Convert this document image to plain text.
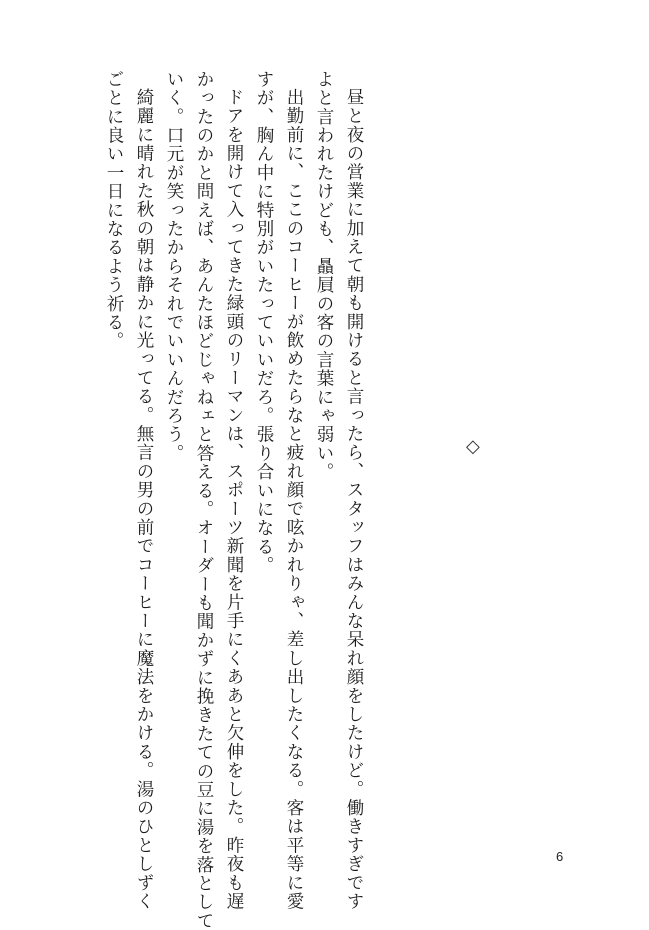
昼と夜の営業に加えて朝も開けると言ったら、スタッフはみんな呆れ顔をしたけど。働きすぎです

よと言われたけども、贔屓の客の言葉にゃ弱い。

出勤前に、ここのコーヒーが飲めたらなと疲れ顔で呟かれりゃ、差し出したくなる。客は平等に愛

すが、胸ん中に特別がいたっていいだろ。張り合いになる。

ドアを開けて入ってきた緑頭のリーマンは、スポーツ新聞を片手にくああと欠伸をした。昨夜も遅

かったのかと問えば、あんたほどじゃねェと答える。オーダーも聞かずに挽きたての豆に湯を落として

いく。口元が笑ったからそれでいいんだろう。

綺麗に晴れた秋の朝は静かに光ってる。無言の男の前でコーヒーに魔法をかける。湯のひとしずく

ごとに良い一日になるよう祈る。

◇
6
